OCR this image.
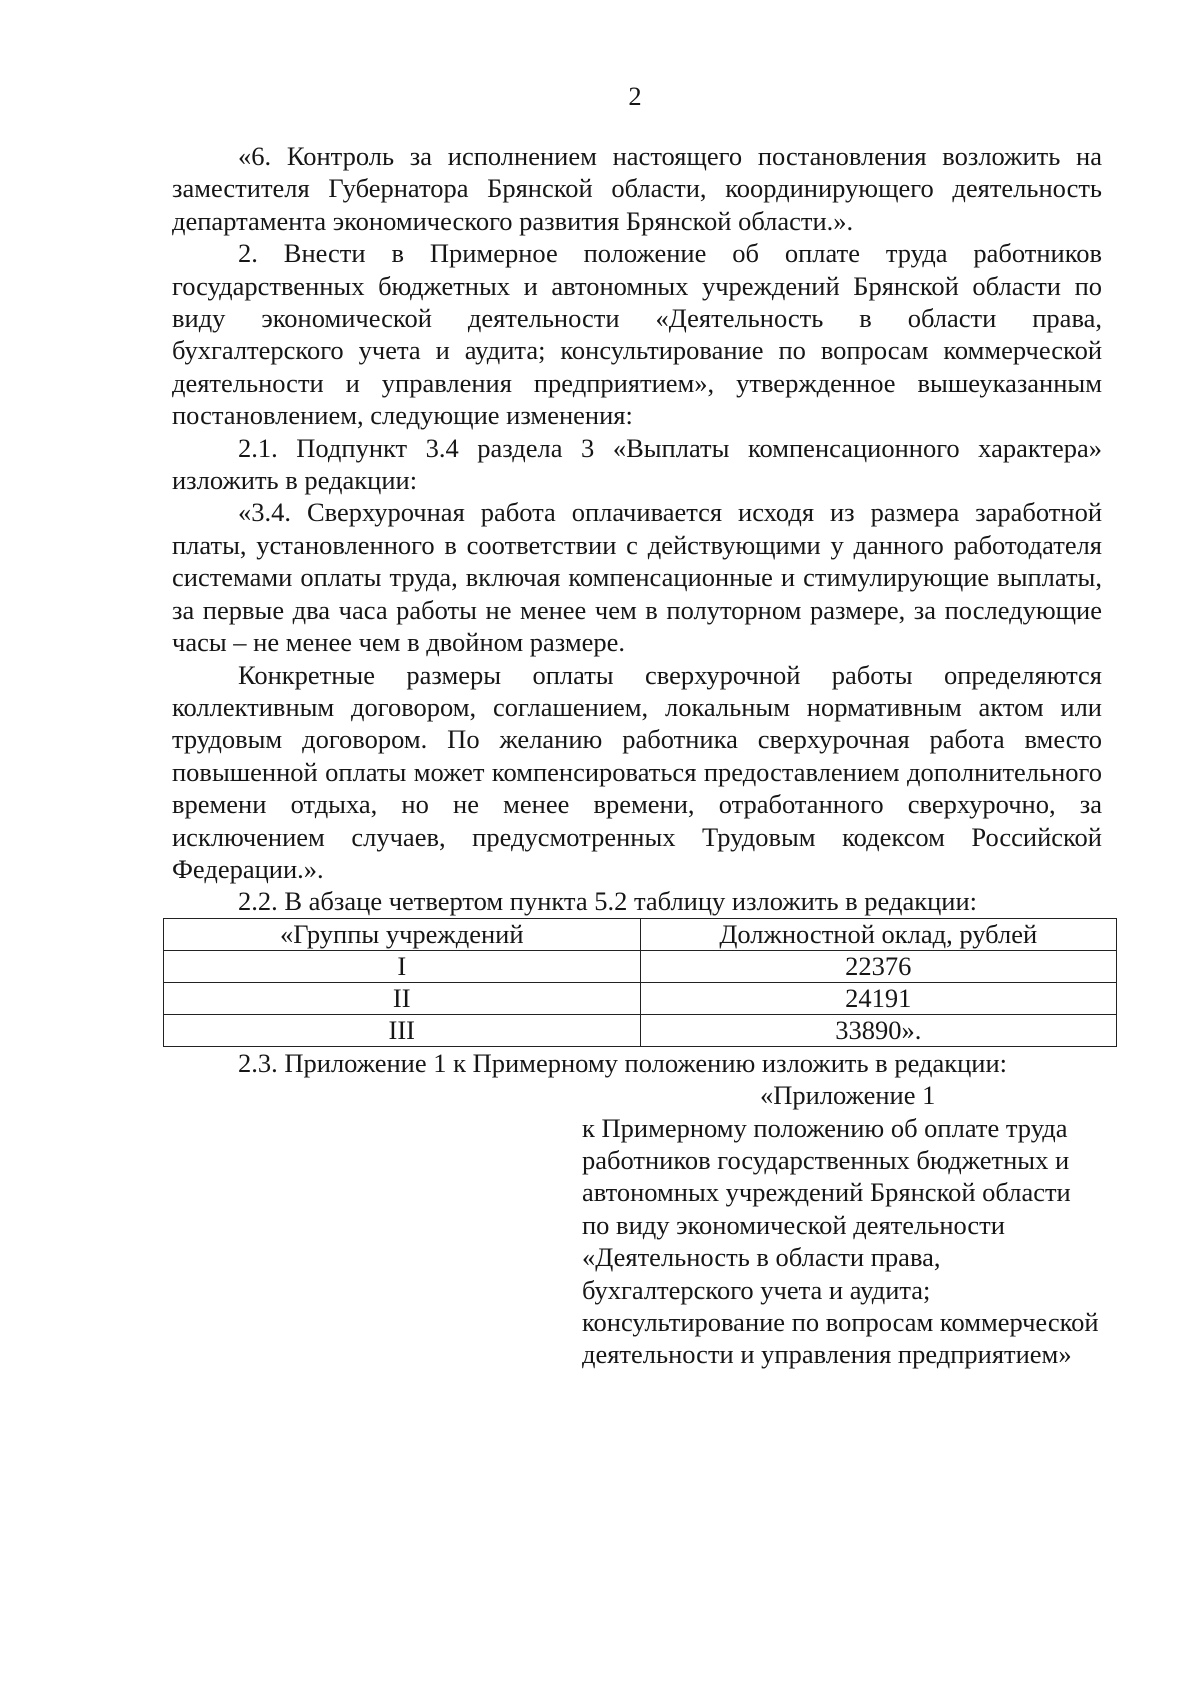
2

«6. Контроль за исполнением настоящего постановления возложить на заместителя Губернатора Брянской области, координирующего деятельность департамента экономического развития Брянской области.».

2. Внести в Примерное положение об оплате труда работников государственных бюджетных и автономных учреждений Брянской области по виду экономической деятельности «Деятельность в области права, бухгалтерского учета и аудита; консультирование по вопросам коммерческой деятельности и управления предприятием», утвержденное вышеуказанным постановлением, следующие изменения:

2.1. Подпункт 3.4 раздела 3 «Выплаты компенсационного характера» изложить в редакции:

«3.4. Сверхурочная работа оплачивается исходя из размера заработной платы, установленного в соответствии с действующими у данного работодателя системами оплаты труда, включая компенсационные и стимулирующие выплаты, за первые два часа работы не менее чем в полуторном размере, за последующие часы – не менее чем в двойном размере.

Конкретные размеры оплаты сверхурочной работы определяются коллективным договором, соглашением, локальным нормативным актом или трудовым договором. По желанию работника сверхурочная работа вместо повышенной оплаты может компенсироваться предоставлением дополнительного времени отдыха, но не менее времени, отработанного сверхурочно, за исключением случаев, предусмотренных Трудовым кодексом Российской Федерации.».

2.2. В абзаце четвертом пункта 5.2 таблицу изложить в редакции:

«Группы учреждений	Должностной оклад, рублей
I	22376
II	24191
III	33890».

2.3. Приложение 1 к Примерному положению изложить в редакции:

«Приложение 1
к Примерному положению об оплате труда работников государственных бюджетных и автономных учреждений Брянской области по виду экономической деятельности «Деятельность в области права, бухгалтерского учета и аудита; консультирование по вопросам коммерческой деятельности и управления предприятием»
